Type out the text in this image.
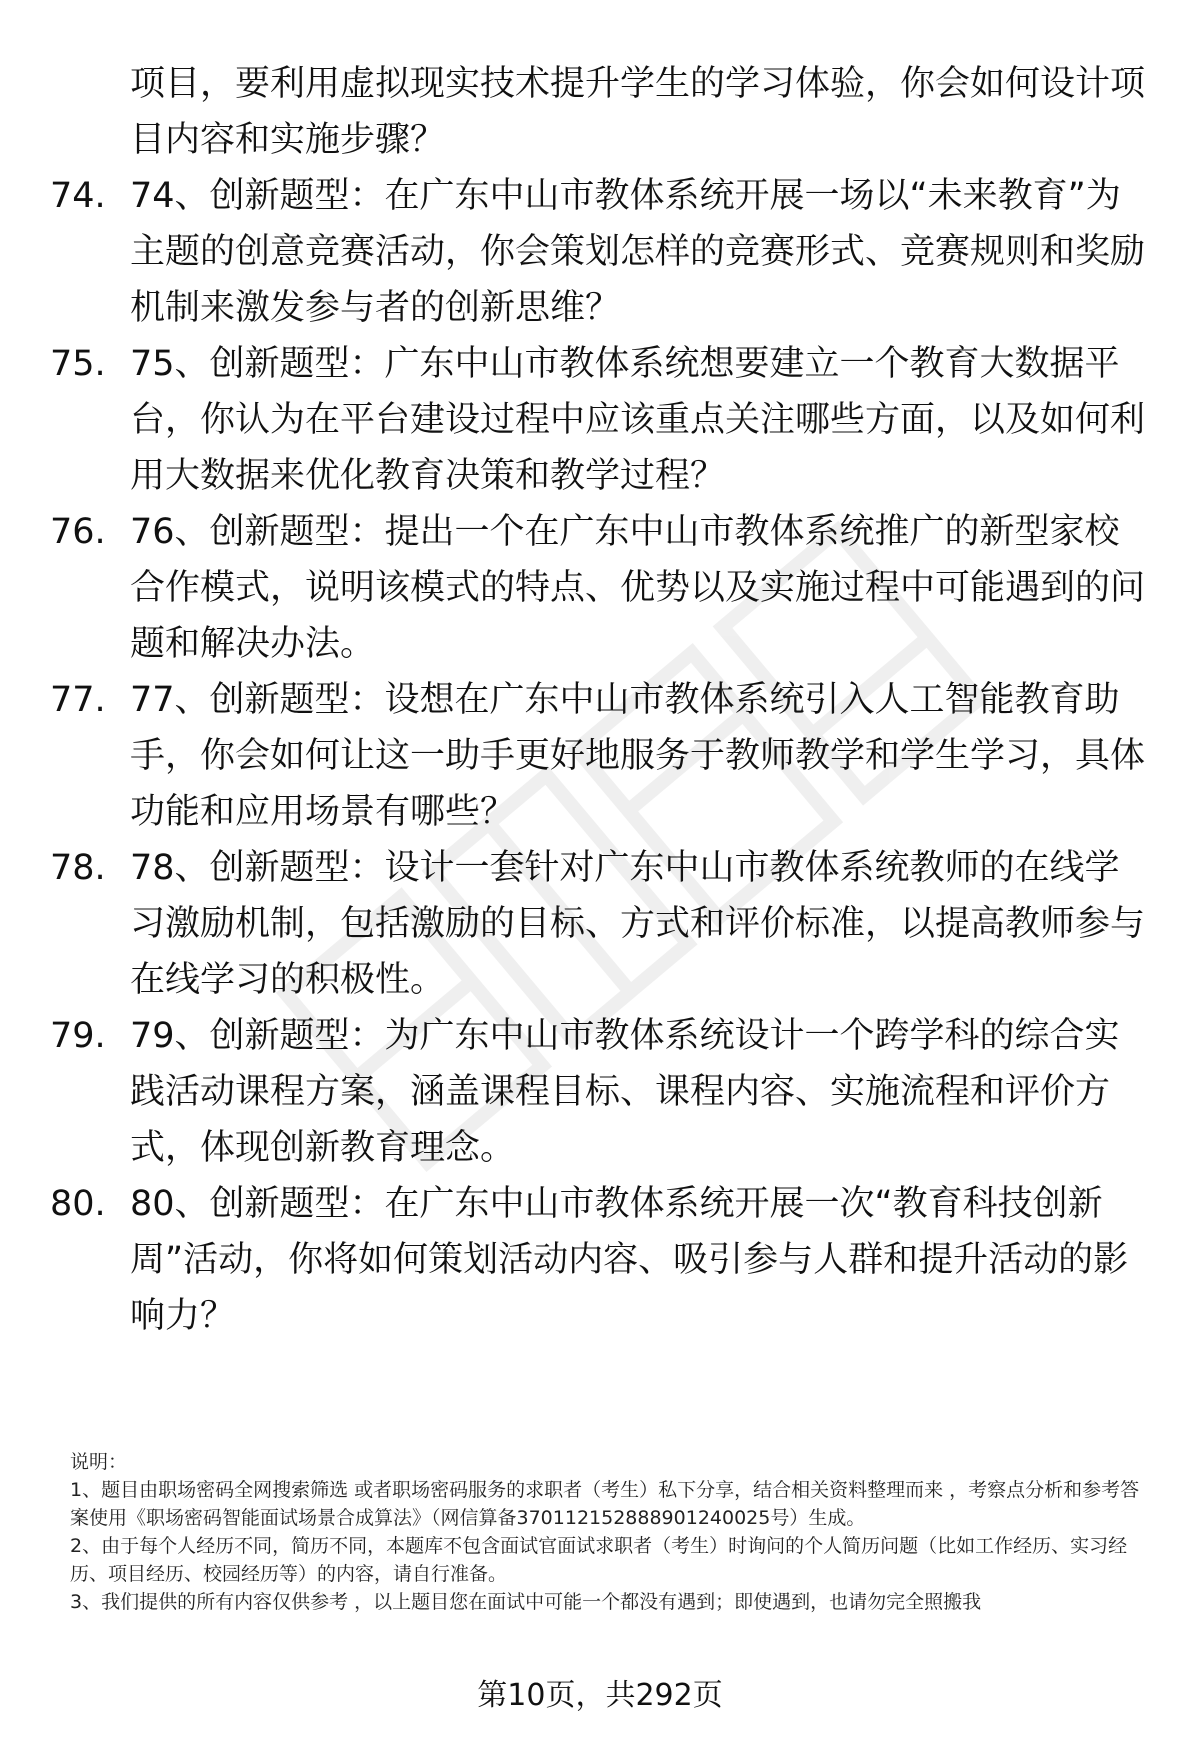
项目，要利用虚拟现实技术提升学生的学习体验，你会如何设计项目内容和实施步骤？
74. 74、创新题型：在广东中山市教体系统开展一场以“未来教育”为主题的创意竞赛活动，你会策划怎样的竞赛形式、竞赛规则和奖励机制来激发参与者的创新思维？
75. 75、创新题型：广东中山市教体系统想要建立一个教育大数据平台，你认为在平台建设过程中应该重点关注哪些方面，以及如何利用大数据来优化教育决策和教学过程？
76. 76、创新题型：提出一个在广东中山市教体系统推广的新型家校合作模式，说明该模式的特点、优势以及实施过程中可能遇到的问题和解决办法。
77. 77、创新题型：设想在广东中山市教体系统引入人工智能教育助手，你会如何让这一助手更好地服务于教师教学和学生学习，具体功能和应用场景有哪些？
78. 78、创新题型：设计一套针对广东中山市教体系统教师的在线学习激励机制，包括激励的目标、方式和评价标准，以提高教师参与在线学习的积极性。
79. 79、创新题型：为广东中山市教体系统设计一个跨学科的综合实践活动课程方案，涵盖课程目标、课程内容、实施流程和评价方式，体现创新教育理念。
80. 80、创新题型：在广东中山市教体系统开展一次“教育科技创新周”活动，你将如何策划活动内容、吸引参与人群和提升活动的影响力？

说明：

1、题目由职场密码全网搜索筛选 或者职场密码服务的求职者（考生）私下分享，结合相关资料整理而来 ，考察点分析和参考答案使用《职场密码智能面试场景合成算法》（网信算备370112152888901240025号）生成。

2、由于每个人经历不同，简历不同，本题库不包含面试官面试求职者（考生）时询问的个人简历问题（比如工作经历、实习经历、项目经历、校园经历等）的内容，请自行准备。

3、我们提供的所有内容仅供参考 ，以上题目您在面试中可能一个都没有遇到；即使遇到，也请勿完全照搬我

第10页，共292页
